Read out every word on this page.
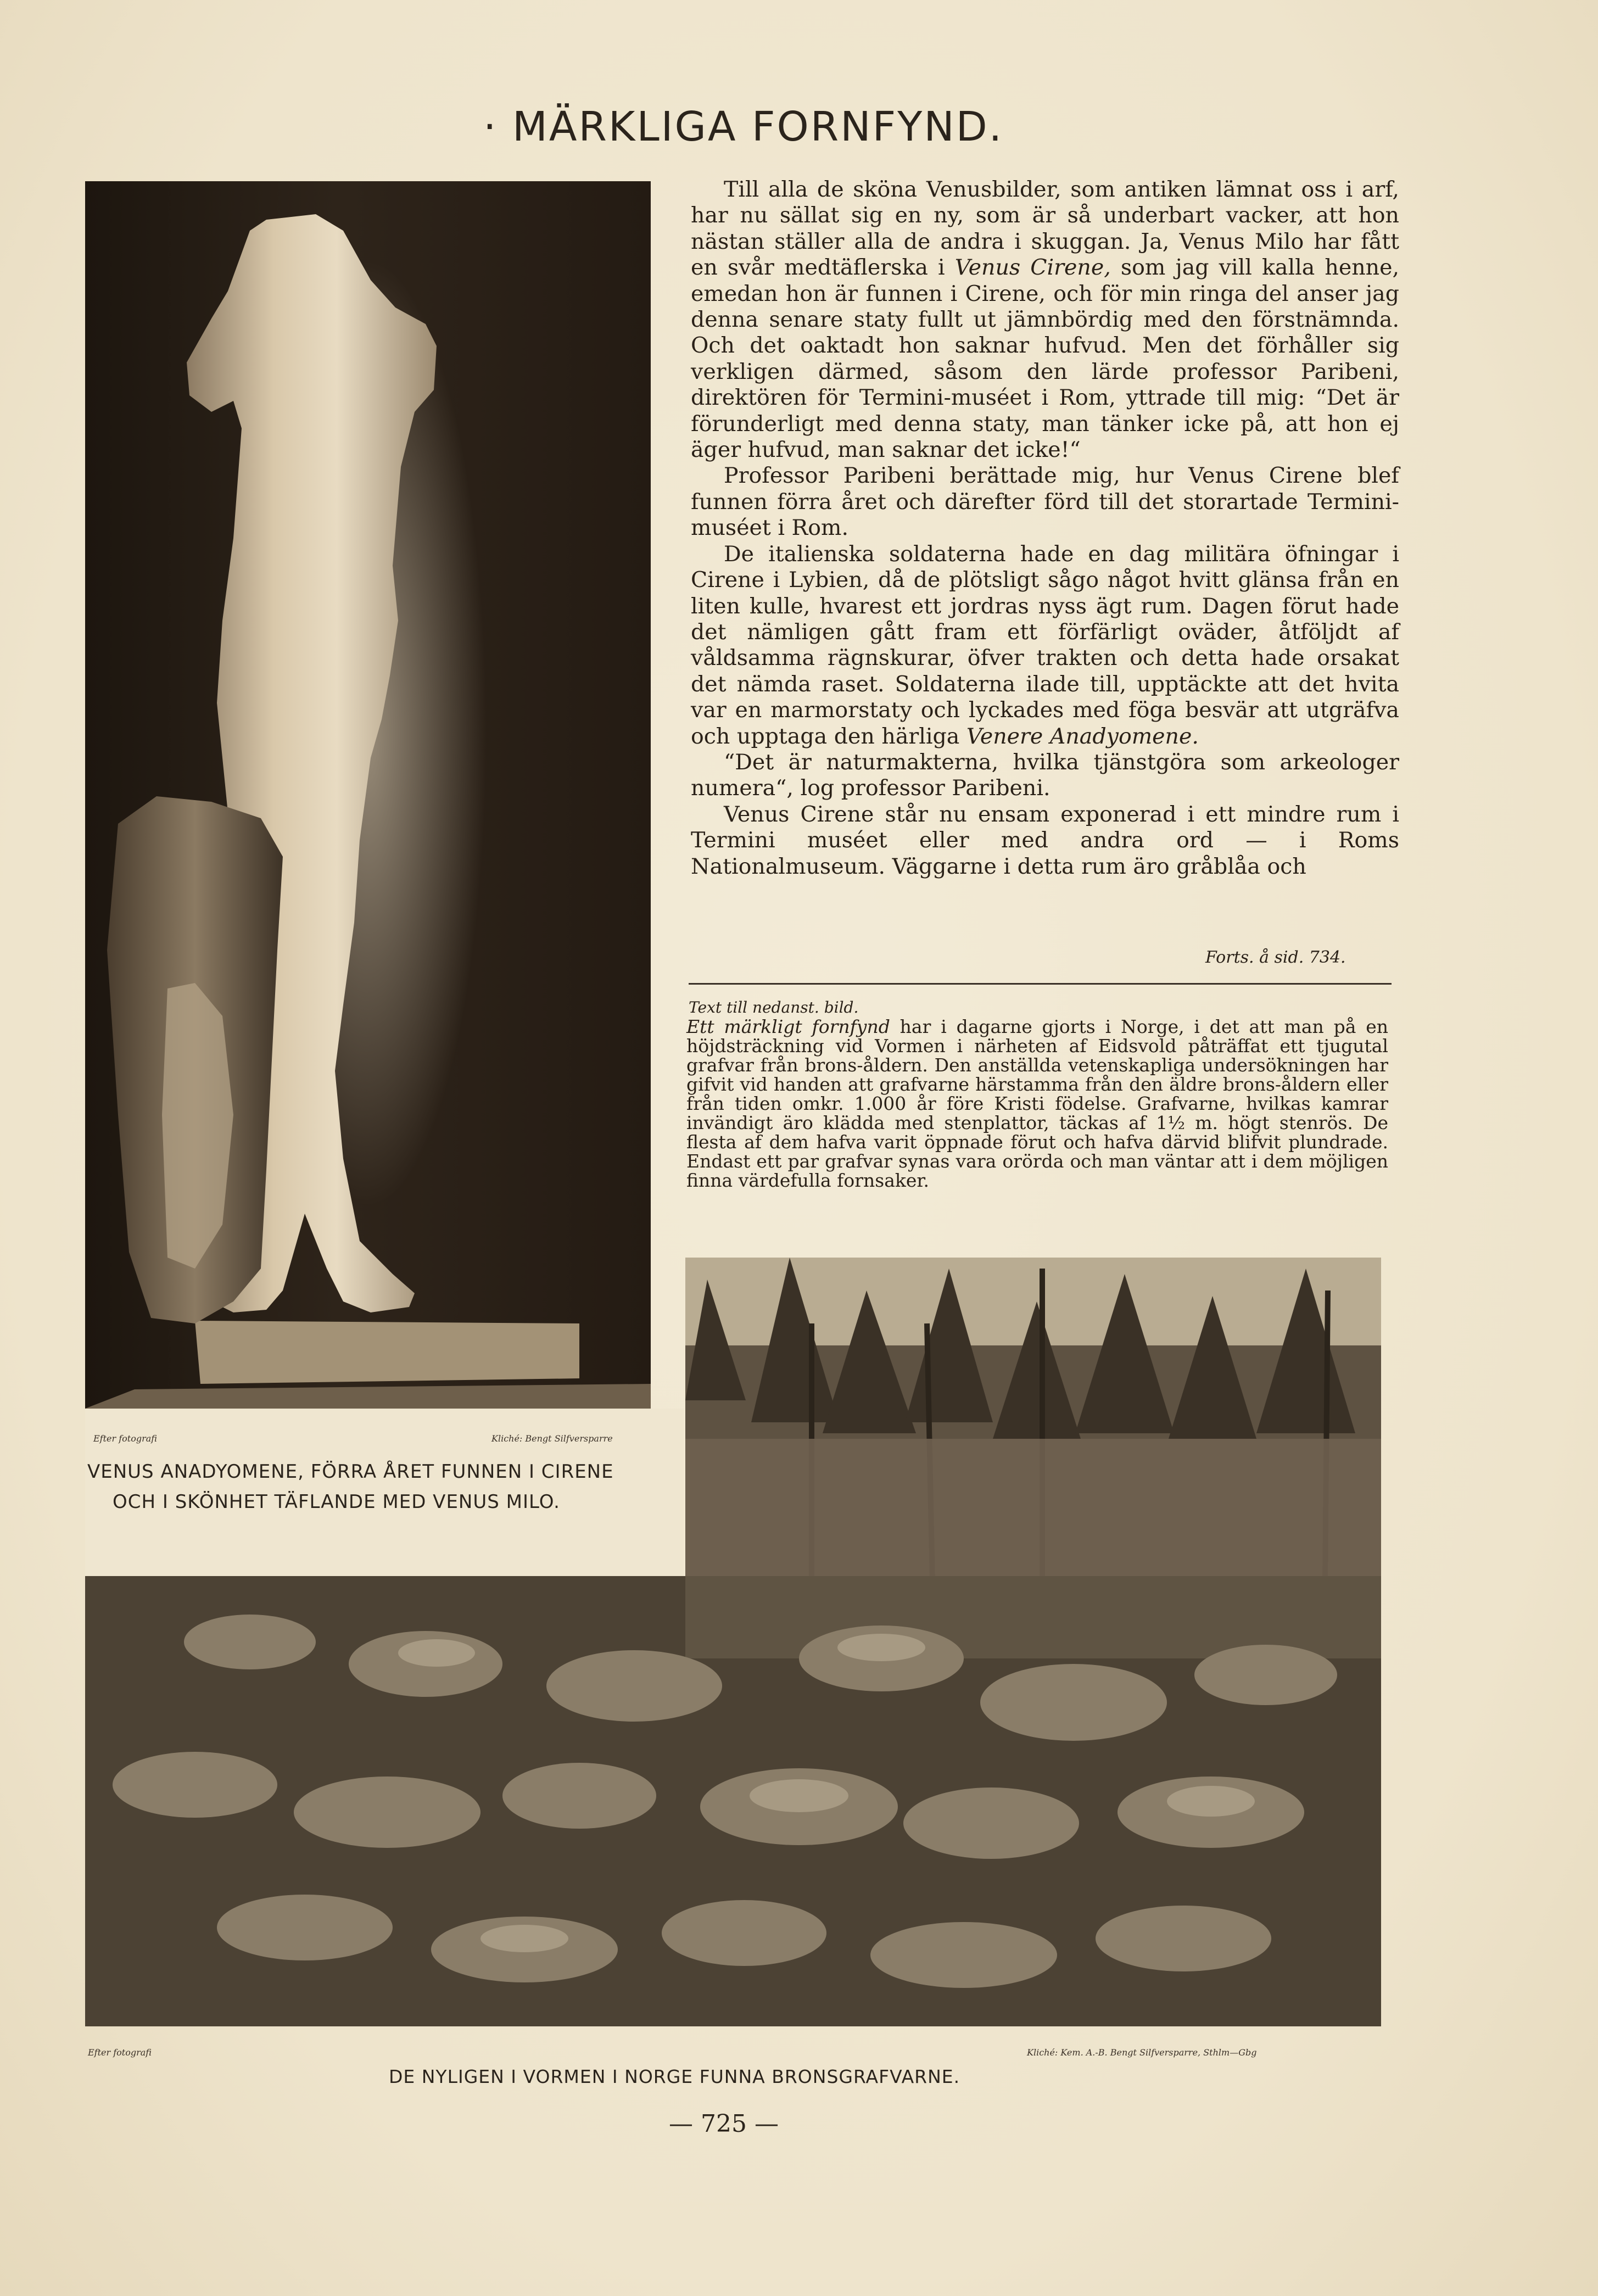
· MÄRKLIGA FORNFYND.
Efter fotografi	Kliché: Bengt Silfversparre
VENUS ANADYOMENE, FÖRRA ÅRET FUNNEN I CIRENE
OCH I SKÖNHET TÄFLANDE MED VENUS MILO.

Till alla de sköna Venusbilder, som antiken lämnat oss i arf, har nu sällat sig en ny, som är så underbart vacker, att hon nästan ställer alla de andra i skuggan. Ja, Venus Milo har fått en svår medtäflerska i Venus Cirene, som jag vill kalla henne, emedan hon är funnen i Cirene, och för min ringa del anser jag denna senare staty fullt ut jämnbördig med den förstnämnda. Och det oaktadt hon saknar hufvud. Men det förhåller sig verkligen därmed, såsom den lärde professor Paribeni, direktören för Termini-muséet i Rom, yttrade till mig: “Det är förunderligt med denna staty, man tänker icke på, att hon ej äger hufvud, man saknar det icke!“

Professor Paribeni berättade mig, hur Venus Cirene blef funnen förra året och därefter förd till det storartade Termini-muséet i Rom.

De italienska soldaterna hade en dag militära öfningar i Cirene i Lybien, då de plötsligt sågo något hvitt glänsa från en liten kulle, hvarest ett jordras nyss ägt rum. Dagen förut hade det nämligen gått fram ett förfärligt oväder, åtföljdt af våldsamma rägnskurar, öfver trakten och detta hade orsakat det nämda raset. Soldaterna ilade till, upptäckte att det hvita var en marmorstaty och lyckades med föga besvär att utgräfva och upptaga den härliga Venere Anadyomene.

“Det är naturmakterna, hvilka tjänstgöra som arkeologer numera“, log professor Paribeni.

Venus Cirene står nu ensam exponerad i ett mindre rum i Termini muséet eller med andra ord — i Roms Nationalmuseum. Väggarne i detta rum äro gråblåa och

Forts. å sid. 734.
Text till nedanst. bild.

Ett märkligt fornfynd har i dagarne gjorts i Norge, i det att man på en höjdsträckning vid Vormen i närheten af Eidsvold påträffat ett tjugutal grafvar från brons-åldern. Den anställda vetenskapliga undersökningen har gifvit vid handen att grafvarne härstamma från den äldre brons-åldern eller från tiden omkr. 1.000 år före Kristi födelse. Grafvarne, hvilkas kamrar invändigt äro klädda med stenplattor, täckas af 1½ m. högt stenrös. De flesta af dem hafva varit öppnade förut och hafva därvid blifvit plundrade. Endast ett par grafvar synas vara orörda och man väntar att i dem möjligen finna värdefulla fornsaker.

Efter fotografi	Kliché: Kem. A.-B. Bengt Silfversparre, Sthlm—Gbg
DE NYLIGEN I VORMEN I NORGE FUNNA BRONSGRAFVARNE.
— 725 —
